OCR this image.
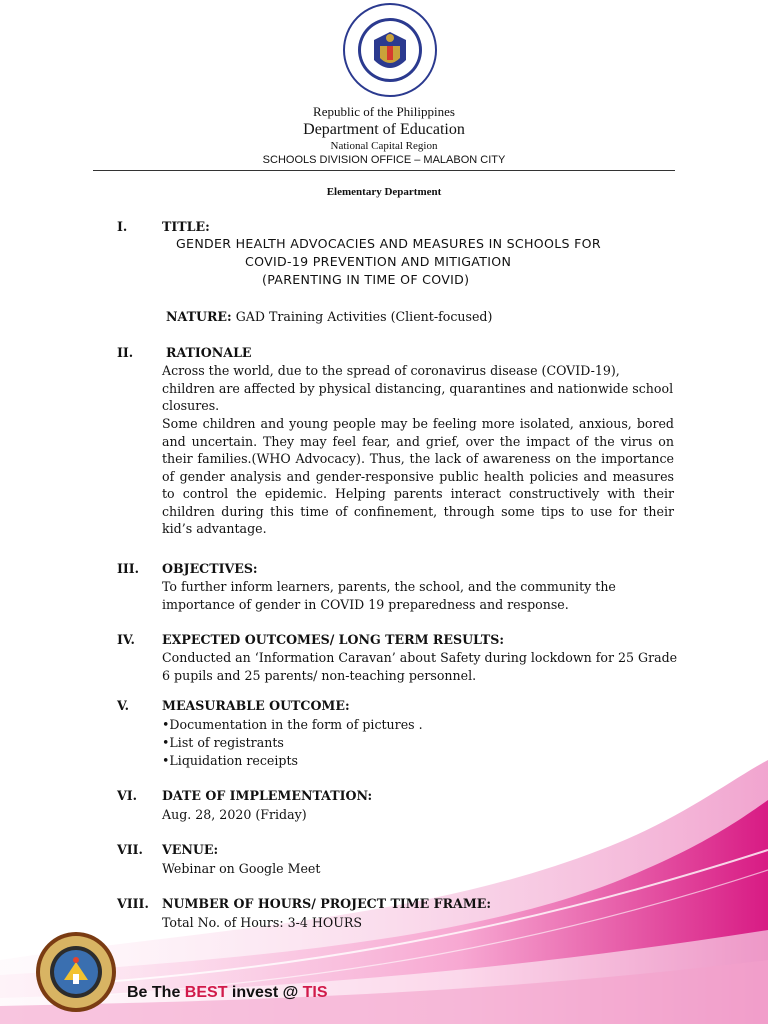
Republic of the Philippines
Department of Education
National Capital Region
SCHOOLS DIVISION OFFICE – MALABON CITY
Elementary Department
I.	TITLE:
GENDER HEALTH ADVOCACIES AND MEASURES IN SCHOOLS FOR
COVID-19 PREVENTION AND MITIGATION
(PARENTING IN TIME OF COVID)
NATURE: GAD Training Activities (Client-focused)
II.	RATIONALE
Across the world, due to the spread of coronavirus disease (COVID-19), children are affected by physical distancing, quarantines and nationwide school closures.
Some children and young people may be feeling more isolated, anxious, bored and uncertain. They may feel fear, and grief, over the impact of the virus on their families.(WHO Advocacy). Thus, the lack of awareness on the importance of gender analysis and gender-responsive public health policies and measures to control the epidemic. Helping parents interact constructively with their children during this time of confinement, through some tips to use for their kid’s advantage.
III. OBJECTIVES:
To further inform learners, parents, the school, and the community the importance of gender in COVID 19 preparedness and response.
IV. EXPECTED OUTCOMES/ LONG TERM RESULTS:
Conducted an ‘Information Caravan’ about Safety during lockdown for 25 Grade 6 pupils and 25 parents/ non-teaching personnel.
V.	MEASURABLE OUTCOME:
•Documentation in the form of pictures .
•List of registrants
•Liquidation receipts
VI. DATE OF IMPLEMENTATION:
Aug. 28, 2020 (Friday)
VII. VENUE:
Webinar on Google Meet
VIII. NUMBER OF HOURS/ PROJECT TIME FRAME:
Total No. of Hours: 3-4 HOURS
Be The BEST invest @ TIS
